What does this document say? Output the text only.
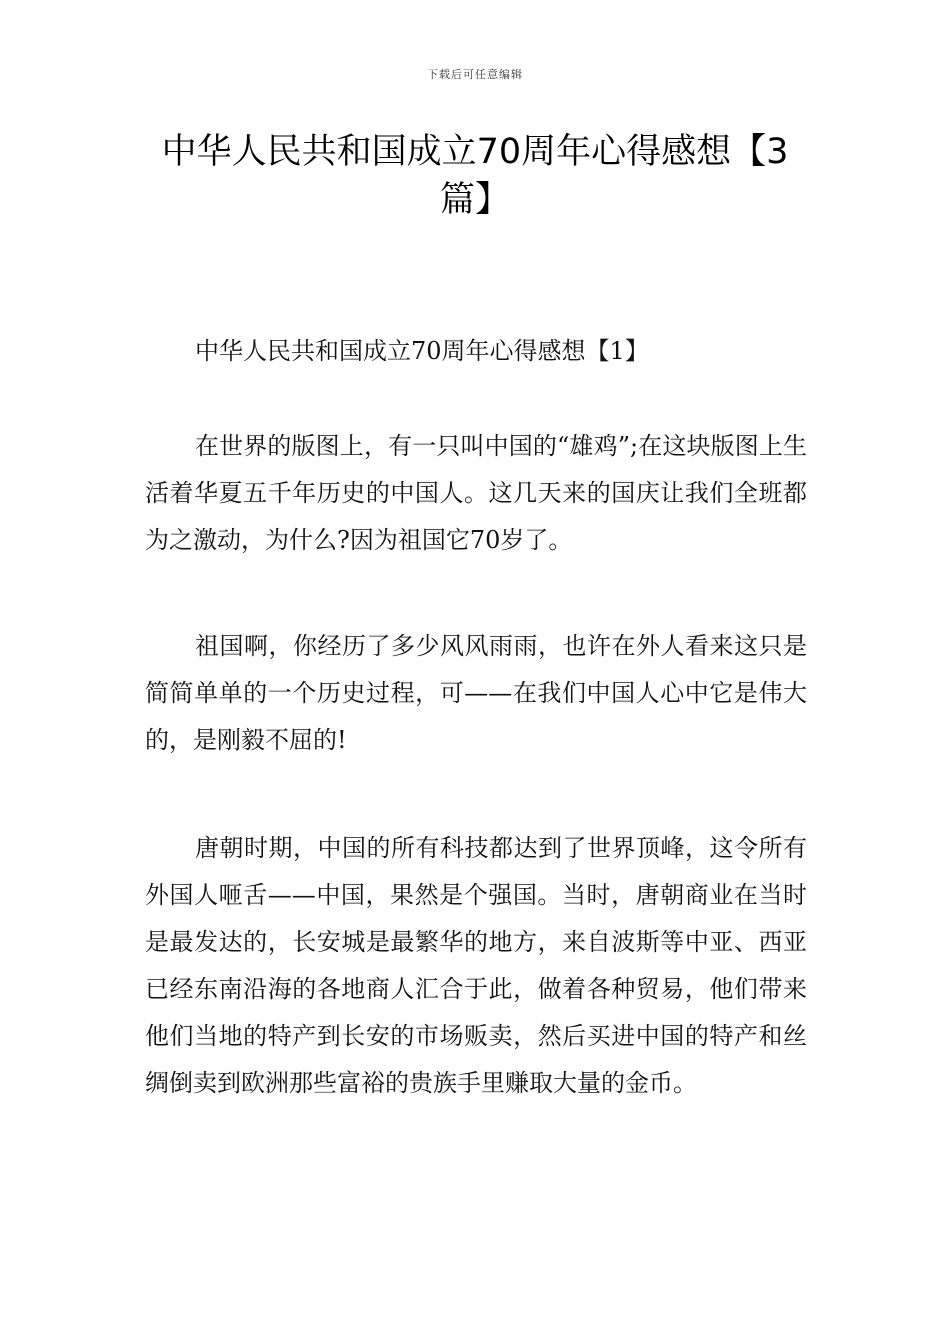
下载后可任意编辑
中华人民共和国成立70周年心得感想【3篇】

中华人民共和国成立70周年心得感想【1】

在世界的版图上，有一只叫中国的“雄鸡”;在这块版图上生活着华夏五千年历史的中国人。这几天来的国庆让我们全班都为之激动，为什么?因为祖国它70岁了。

祖国啊，你经历了多少风风雨雨，也许在外人看来这只是简简单单的一个历史过程，可——在我们中国人心中它是伟大的，是刚毅不屈的!

唐朝时期，中国的所有科技都达到了世界顶峰，这令所有外国人咂舌——中国，果然是个强国。当时，唐朝商业在当时是最发达的，长安城是最繁华的地方，来自波斯等中亚、西亚已经东南沿海的各地商人汇合于此，做着各种贸易，他们带来他们当地的特产到长安的市场贩卖，然后买进中国的特产和丝绸倒卖到欧洲那些富裕的贵族手里赚取大量的金币。
